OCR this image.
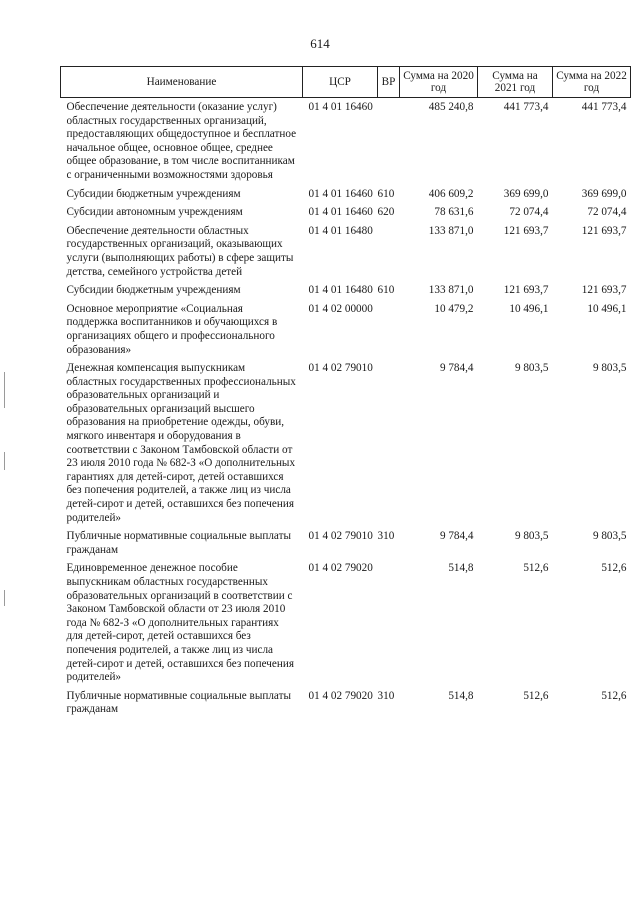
614
Наименование	ЦСР	ВР	Сумма на 2020 год	Сумма на 2021 год	Сумма на 2022 год
Обеспечение деятельности (оказание услуг) областных государственных организаций, предоставляющих общедоступное и бесплатное начальное общее, основное общее, среднее общее образование, в том числе воспитанникам с ограниченными возможностями здоровья	01 4 01 16460		485 240,8	441 773,4	441 773,4
Субсидии бюджетным учреждениям	01 4 01 16460	610	406 609,2	369 699,0	369 699,0
Субсидии автономным учреждениям	01 4 01 16460	620	78 631,6	72 074,4	72 074,4
Обеспечение деятельности областных государственных организаций, оказывающих услуги (выполняющих работы) в сфере защиты детства, семейного устройства детей	01 4 01 16480		133 871,0	121 693,7	121 693,7
Субсидии бюджетным учреждениям	01 4 01 16480	610	133 871,0	121 693,7	121 693,7
Основное мероприятие «Социальная поддержка воспитанников и обучающихся в организациях общего и профессионального образования»	01 4 02 00000		10 479,2	10 496,1	10 496,1
Денежная компенсация выпускникам областных государственных профессиональных образовательных организаций и образовательных организаций высшего образования на приобретение одежды, обуви, мягкого инвентаря и оборудования в соответствии с Законом Тамбовской области от 23 июля 2010 года № 682-З «О дополнительных гарантиях для детей-сирот, детей оставшихся без попечения родителей, а также лиц из числа детей-сирот и детей, оставшихся без попечения родителей»	01 4 02 79010		9 784,4	9 803,5	9 803,5
Публичные нормативные социальные выплаты гражданам	01 4 02 79010	310	9 784,4	9 803,5	9 803,5
Единовременное денежное пособие выпускникам областных государственных образовательных организаций в соответствии с Законом Тамбовской области от 23 июля 2010 года № 682-З «О дополнительных гарантиях для детей-сирот, детей оставшихся без попечения родителей, а также лиц из числа детей-сирот и детей, оставшихся без попечения родителей»	01 4 02 79020		514,8	512,6	512,6
Публичные нормативные социальные выплаты гражданам	01 4 02 79020	310	514,8	512,6	512,6
